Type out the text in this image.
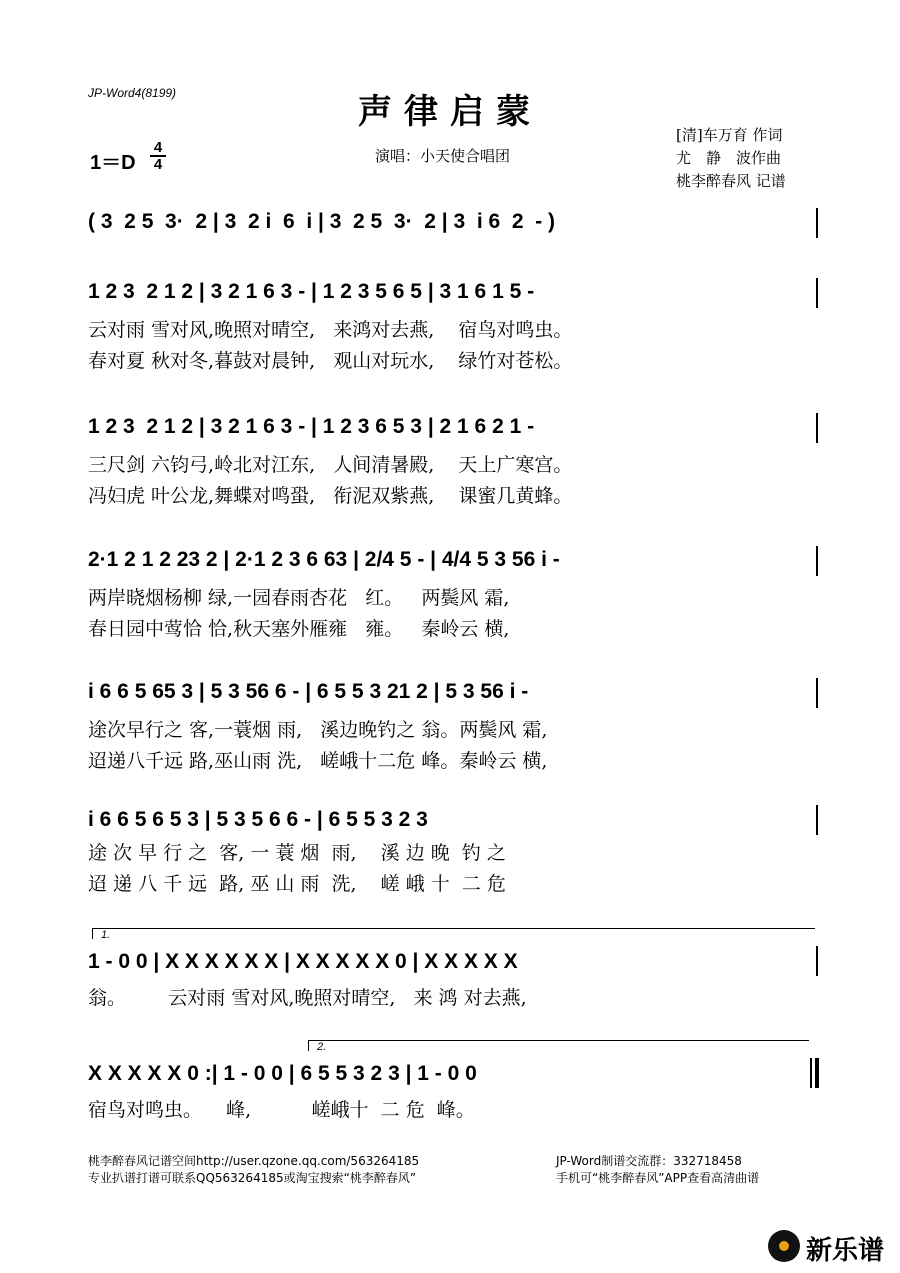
JP-Word4(8199)	声律启蒙
演唱：小天使合唱团
1＝D
4
4
[清]车万育 作词
尤　静　波作曲
桃李醉春风 记谱
( 3  2 5  3·  2 | 3  2 i  6  i | 3  2 5  3·  2 | 3  i 6  2  - )
1 2 3  2 1 2 | 3 2 1 6 3 - | 1 2 3 5 6 5 | 3 1 6 1 5 -
云对雨 雪对风,晚照对晴空,   来鸿对去燕,    宿鸟对鸣虫。
春对夏 秋对冬,暮鼓对晨钟,   观山对玩水,    绿竹对苍松。
1 2 3  2 1 2 | 3 2 1 6 3 - | 1 2 3 6 5 3 | 2 1 6 2 1 -
三尺剑 六钧弓,岭北对江东,   人间清暑殿,    天上广寒宫。
冯妇虎 叶公龙,舞蝶对鸣蛩,   衔泥双紫燕,    课蜜几黄蜂。
2·1 2 1 2 23 2 | 2·1 2 3 6 63 | 2/4 5 - | 4/4 5 3 56 i -
两岸晓烟杨柳 绿,一园春雨杏花   红。   两鬓风 霜,
春日园中莺恰 恰,秋天塞外雁雍   雍。   秦岭云 横,
i 6 6 5 65 3 | 5 3 56 6 - | 6 5 5 3 21 2 | 5 3 56 i -
途次早行之 客,一蓑烟 雨,   溪边晚钓之 翁。两鬓风 霜,
迢递八千远 路,巫山雨 洗,   嵯峨十二危 峰。秦岭云 横,
i 6 6 5 6 5 3 | 5 3 5 6 6 - | 6 5 5 3 2 3
途 次 早 行 之  客, 一 蓑 烟  雨,    溪 边 晚  钓 之
迢 递 八 千 远  路, 巫 山 雨  洗,    嵯 峨 十  二 危
1.
1 - 0 0 | X X X X X X | X X X X X 0 | X X X X X
翁。       云对雨 雪对风,晚照对晴空,   来 鸿 对去燕,
2.
X X X X X 0 :| 1 - 0 0 | 6 5 5 3 2 3 | 1 - 0 0
宿鸟对鸣虫。    峰,          嵯峨十  二 危  峰。
桃李醉春风记谱空间http://user.qzone.qq.com/563264185
专业扒谱打谱可联系QQ563264185或淘宝搜索“桃李醉春风”
JP-Word制谱交流群：332718458
手机可“桃李醉春风”APP查看高清曲谱
新乐谱
